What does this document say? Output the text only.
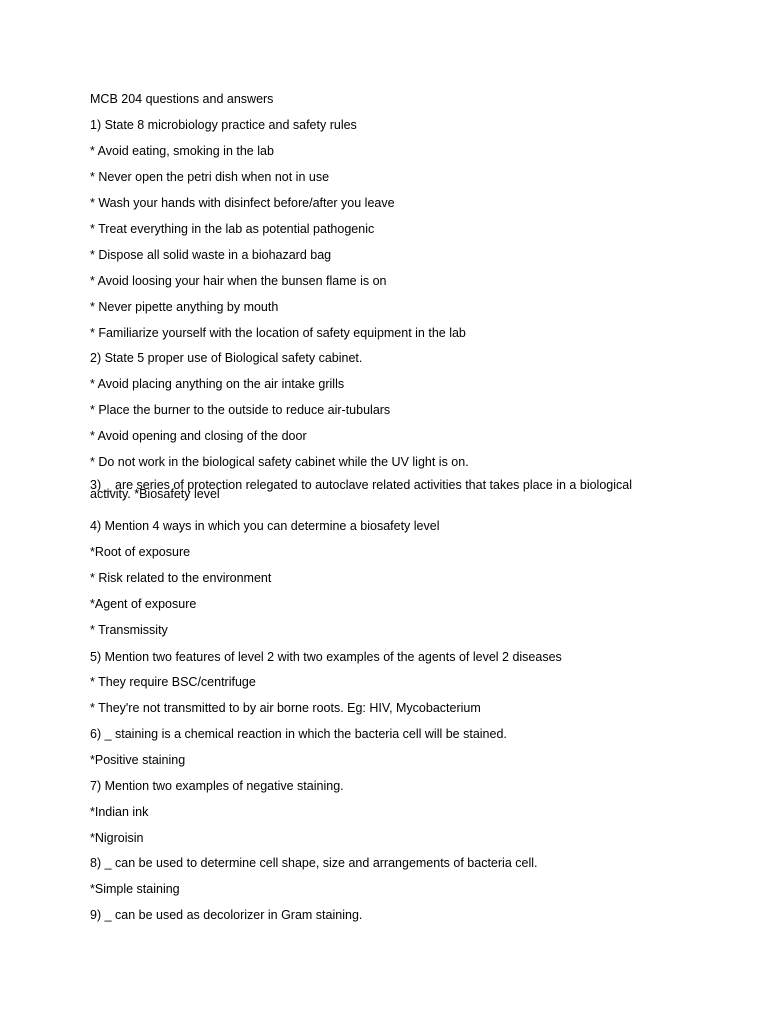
MCB 204 questions and answers
1) State 8 microbiology practice and safety rules
* Avoid eating, smoking in the lab
* Never open the petri dish when not in use
* Wash your hands with disinfect before/after you leave
* Treat everything in the lab as potential pathogenic
* Dispose all solid waste in a biohazard bag
* Avoid loosing your hair when the bunsen flame is on
* Never pipette anything by mouth
* Familiarize yourself with the location of safety equipment in the lab
2) State 5 proper use of Biological safety cabinet.
* Avoid placing anything on the air intake grills
* Place the burner to the outside to reduce air-tubulars
* Avoid opening and closing of the door
* Do not work in the biological safety cabinet while the UV light is on.
3) _ are series of protection relegated to autoclave related activities that takes place in a biological activity. *Biosafety level
4) Mention 4 ways in which you can determine a biosafety level
*Root of exposure
* Risk related to the environment
*Agent of exposure
* Transmissity
5) Mention two features of level 2 with two examples of the agents of level 2 diseases
* They require BSC/centrifuge
* They're not transmitted to by air borne roots. Eg: HIV, Mycobacterium
6) _ staining is a chemical reaction in which the bacteria cell will be stained.
*Positive staining
7) Mention two examples of negative staining.
*Indian ink
*Nigroisin
8) _ can be used to determine cell shape, size and arrangements of bacteria cell.
*Simple staining
9) _ can be used as decolorizer in Gram staining.
